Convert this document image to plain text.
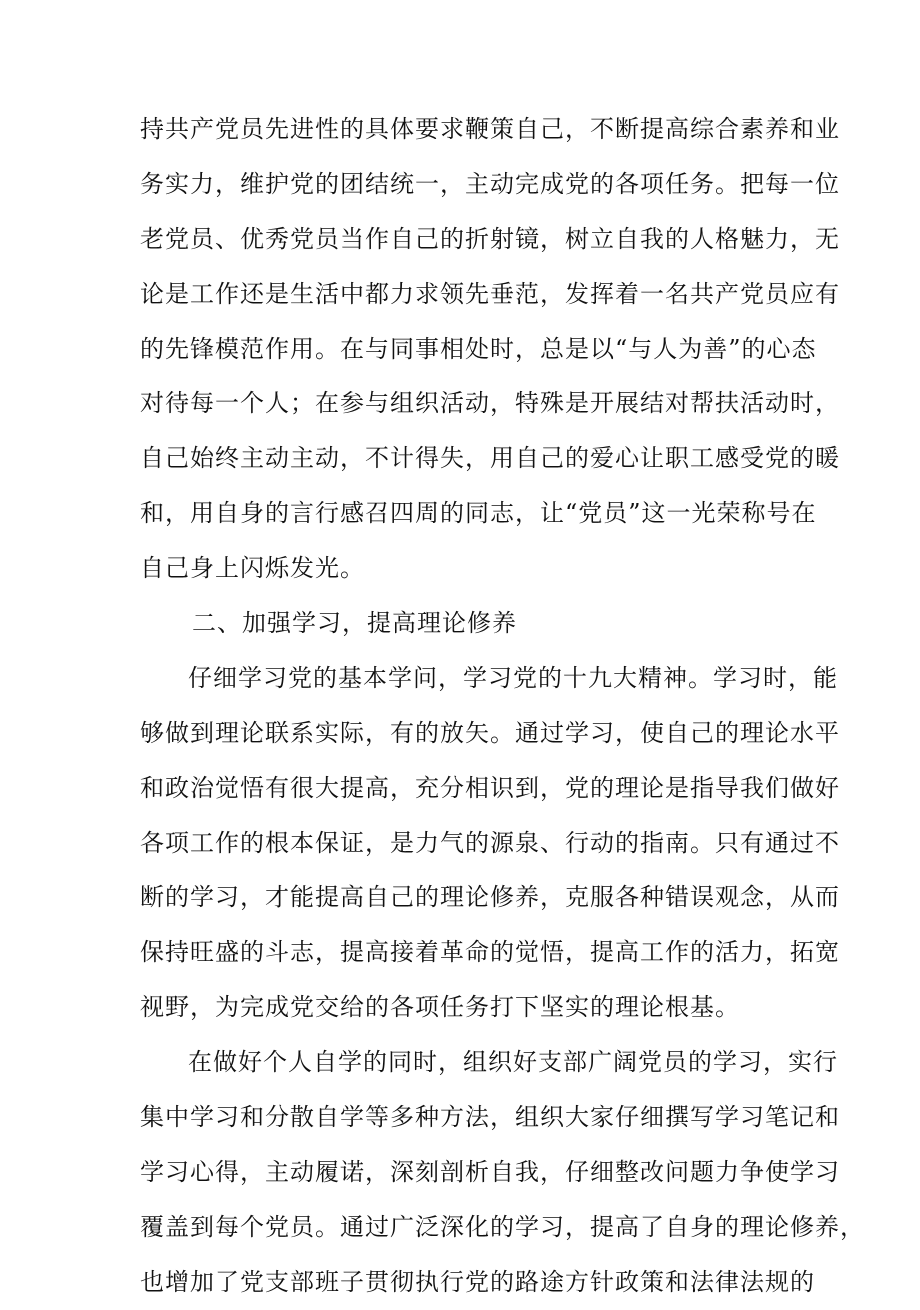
持共产党员先进性的具体要求鞭策自己，不断提高综合素养和业
务实力，维护党的团结统一，主动完成党的各项任务。把每一位
老党员、优秀党员当作自己的折射镜，树立自我的人格魅力，无
论是工作还是生活中都力求领先垂范，发挥着一名共产党员应有
的先锋模范作用。在与同事相处时，总是以“与人为善”的心态
对待每一个人；在参与组织活动，特殊是开展结对帮扶活动时，
自己始终主动主动，不计得失，用自己的爱心让职工感受党的暖
和，用自身的言行感召四周的同志，让“党员”这一光荣称号在
自己身上闪烁发光。
二、加强学习，提高理论修养
仔细学习党的基本学问，学习党的十九大精神。学习时，能
够做到理论联系实际，有的放矢。通过学习，使自己的理论水平
和政治觉悟有很大提高，充分相识到，党的理论是指导我们做好
各项工作的根本保证，是力气的源泉、行动的指南。只有通过不
断的学习，才能提高自己的理论修养，克服各种错误观念，从而
保持旺盛的斗志，提高接着革命的觉悟，提高工作的活力，拓宽
视野，为完成党交给的各项任务打下坚实的理论根基。
在做好个人自学的同时，组织好支部广阔党员的学习，实行
集中学习和分散自学等多种方法，组织大家仔细撰写学习笔记和
学习心得，主动履诺，深刻剖析自我，仔细整改问题力争使学习
覆盖到每个党员。通过广泛深化的学习，提高了自身的理论修养，
也增加了党支部班子贯彻执行党的路途方针政策和法律法规的
